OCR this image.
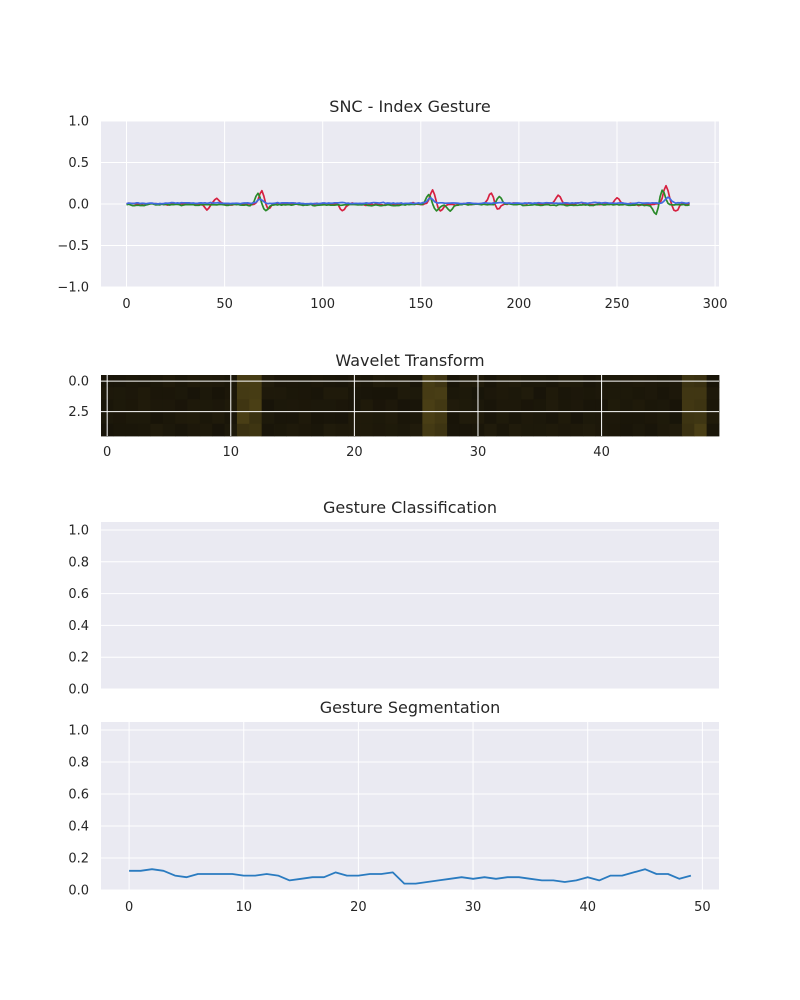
0	50	100	150	200	250	300
−1.0
−0.5
0.0
0.5
1.0
SNC - Index Gesture
0	10	20	30	40
0.0
2.5
Wavelet Transform
0.0
0.2
0.4
0.6
0.8
1.0
Gesture Classification
0	10	20	30	40	50
0.0
0.2
0.4
0.6
0.8
1.0
Gesture Segmentation
